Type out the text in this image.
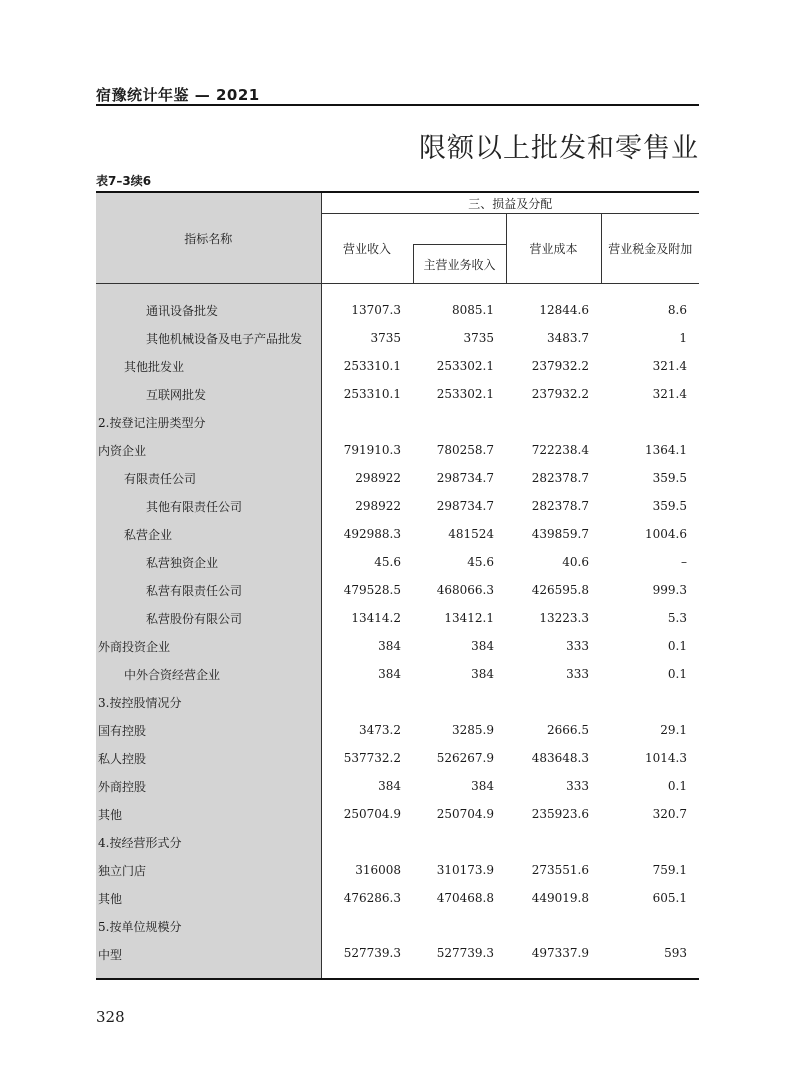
宿豫统计年鉴 — 2021
限额以上批发和零售业
表7–3续6
指标名称	三、损益及分配			
	营业收入		营业成本	营业税金及附加
		主营业务收入		

通讯设备批发	13707.3	8085.1	12844.6	8.6
其他机械设备及电子产品批发	3735	3735	3483.7	1
其他批发业	253310.1	253302.1	237932.2	321.4
互联网批发	253310.1	253302.1	237932.2	321.4
2.按登记注册类型分				
内资企业	791910.3	780258.7	722238.4	1364.1
有限责任公司	298922	298734.7	282378.7	359.5
其他有限责任公司	298922	298734.7	282378.7	359.5
私营企业	492988.3	481524	439859.7	1004.6
私营独资企业	45.6	45.6	40.6	–
私营有限责任公司	479528.5	468066.3	426595.8	999.3
私营股份有限公司	13414.2	13412.1	13223.3	5.3
外商投资企业	384	384	333	0.1
中外合资经营企业	384	384	333	0.1
3.按控股情况分				
国有控股	3473.2	3285.9	2666.5	29.1
私人控股	537732.2	526267.9	483648.3	1014.3
外商控股	384	384	333	0.1
其他	250704.9	250704.9	235923.6	320.7
4.按经营形式分				
独立门店	316008	310173.9	273551.6	759.1
其他	476286.3	470468.8	449019.8	605.1
5.按单位规模分				
中型	527739.3	527739.3	497337.9	593
328
